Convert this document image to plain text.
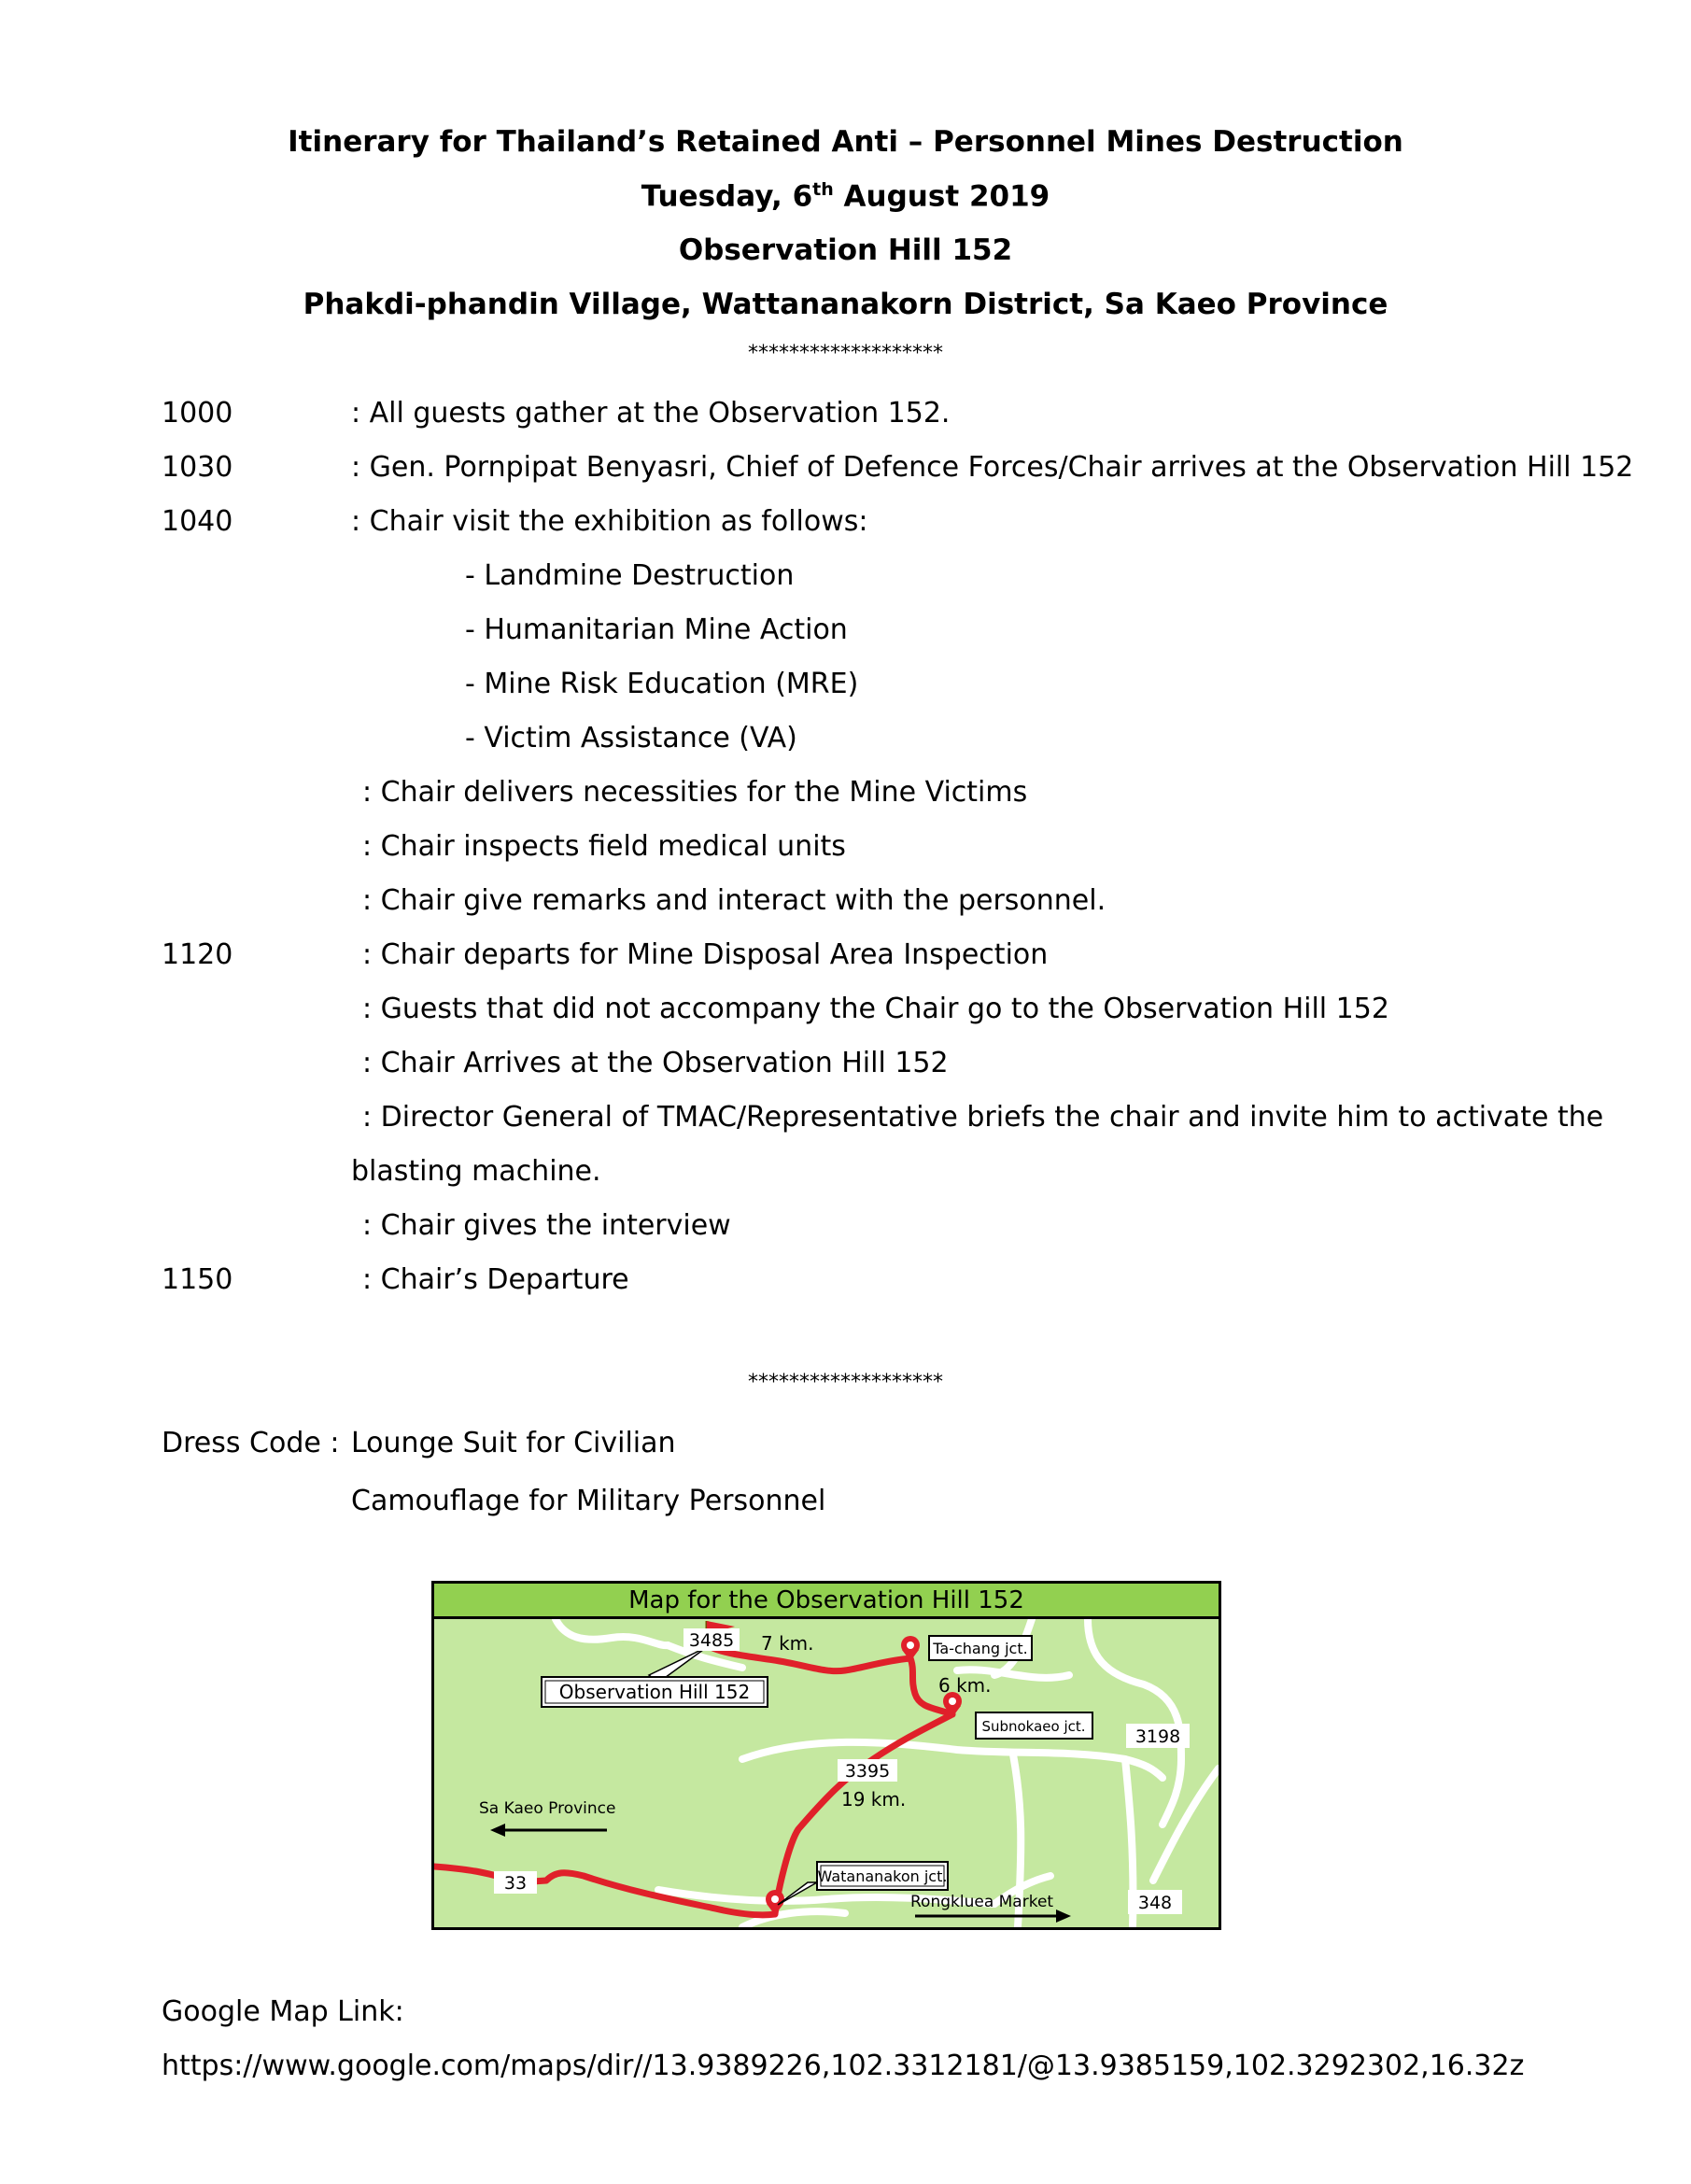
Itinerary for Thailand’s Retained Anti – Personnel Mines Destruction
Tuesday, 6th August 2019
Observation Hill 152
Phakdi-phandin Village, Wattananakorn District, Sa Kaeo Province
*******************
1000	: All guests gather at the Observation 152.
1030	: Gen. Pornpipat Benyasri, Chief of Defence Forces/Chair arrives at the Observation Hill 152
1040	: Chair visit the exhibition as follows:
- Landmine Destruction
- Humanitarian Mine Action
- Mine Risk Education (MRE)
- Victim Assistance (VA)
: Chair delivers necessities for the Mine Victims
: Chair inspects field medical units
: Chair give remarks and interact with the personnel.
1120	: Chair departs for Mine Disposal Area Inspection
: Guests that did not accompany the Chair go to the Observation Hill 152
: Chair Arrives at the Observation Hill 152
: Director General of TMAC/Representative briefs the chair and invite him to activate the
blasting machine.
: Chair gives the interview
1150	: Chair’s Departure
*******************
Dress Code : Lounge Suit for Civilian
Camouflage for Military Personnel
Map for the Observation Hill 152
3485 7 km.	Ta-chang jct.
Observation Hill 152	6 km.
Subnokaeo jct.	3198
3395
19 km.
Sa Kaeo Province
Watananakon jct.
33
Rongkluea Market	348
Google Map Link:
https://www.google.com/maps/dir//13.9389226,102.3312181/@13.9385159,102.3292302,16.32z
